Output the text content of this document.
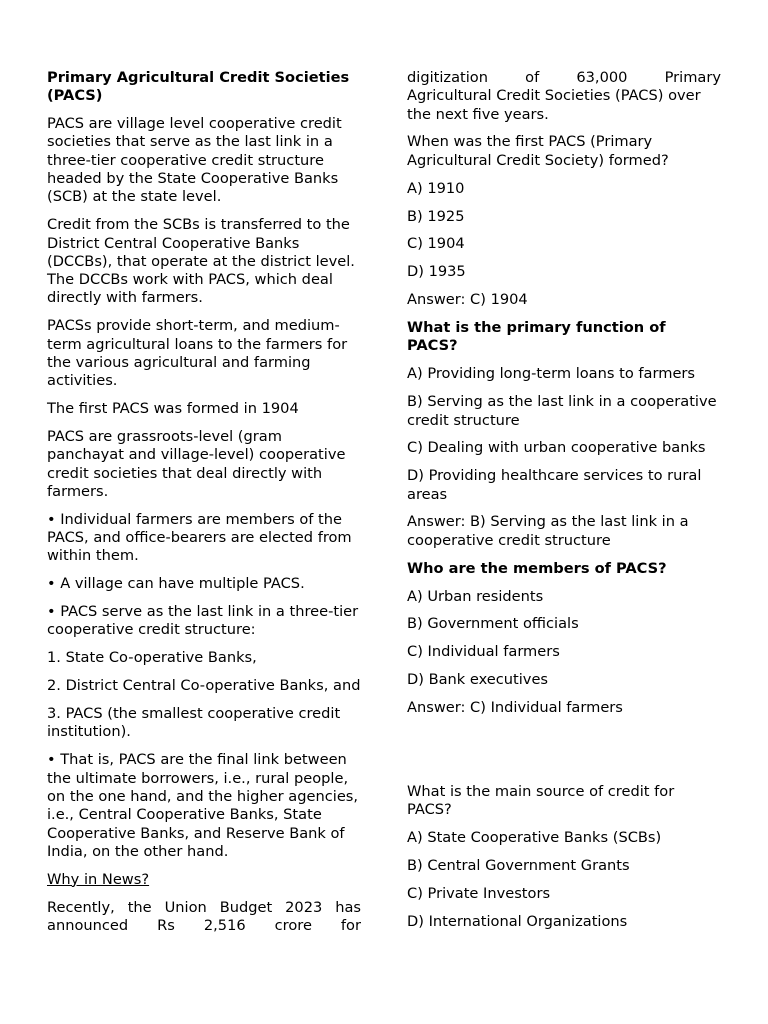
Primary Agricultural Credit Societies (PACS)

PACS are village level cooperative credit societies that serve as the last link in a three-tier cooperative credit structure headed by the State Cooperative Banks (SCB) at the state level.

Credit from the SCBs is transferred to the District Central Cooperative Banks (DCCBs), that operate at the district level. The DCCBs work with PACS, which deal directly with farmers.

PACSs provide short-term, and medium-term agricultural loans to the farmers for the various agricultural and farming activities.

The first PACS was formed in 1904

PACS are grassroots-level (gram panchayat and village-level) cooperative credit societies that deal directly with farmers.

• Individual farmers are members of the PACS, and office-bearers are elected from within them.

• A village can have multiple PACS.

• PACS serve as the last link in a three-tier cooperative credit structure:

1. State Co-operative Banks,

2. District Central Co-operative Banks, and

3. PACS (the smallest cooperative credit institution).

• That is, PACS are the final link between the ultimate borrowers, i.e., rural people, on the one hand, and the higher agencies, i.e., Central Cooperative Banks, State Cooperative Banks, and Reserve Bank of India, on the other hand.

Why in News?

Recently, the Union Budget 2023 has
announced Rs 2,516 crore for

digitization of 63,000 Primary
Agricultural Credit Societies (PACS) over the next five years.

When was the first PACS (Primary Agricultural Credit Society) formed?

A) 1910

B) 1925

C) 1904

D) 1935

Answer: C) 1904

What is the primary function of PACS?

A) Providing long-term loans to farmers

B) Serving as the last link in a cooperative credit structure

C) Dealing with urban cooperative banks

D) Providing healthcare services to rural areas

Answer: B) Serving as the last link in a cooperative credit structure

Who are the members of PACS?

A) Urban residents

B) Government officials

C) Individual farmers

D) Bank executives

Answer: C) Individual farmers

What is the main source of credit for PACS?

A) State Cooperative Banks (SCBs)

B) Central Government Grants

C) Private Investors

D) International Organizations
